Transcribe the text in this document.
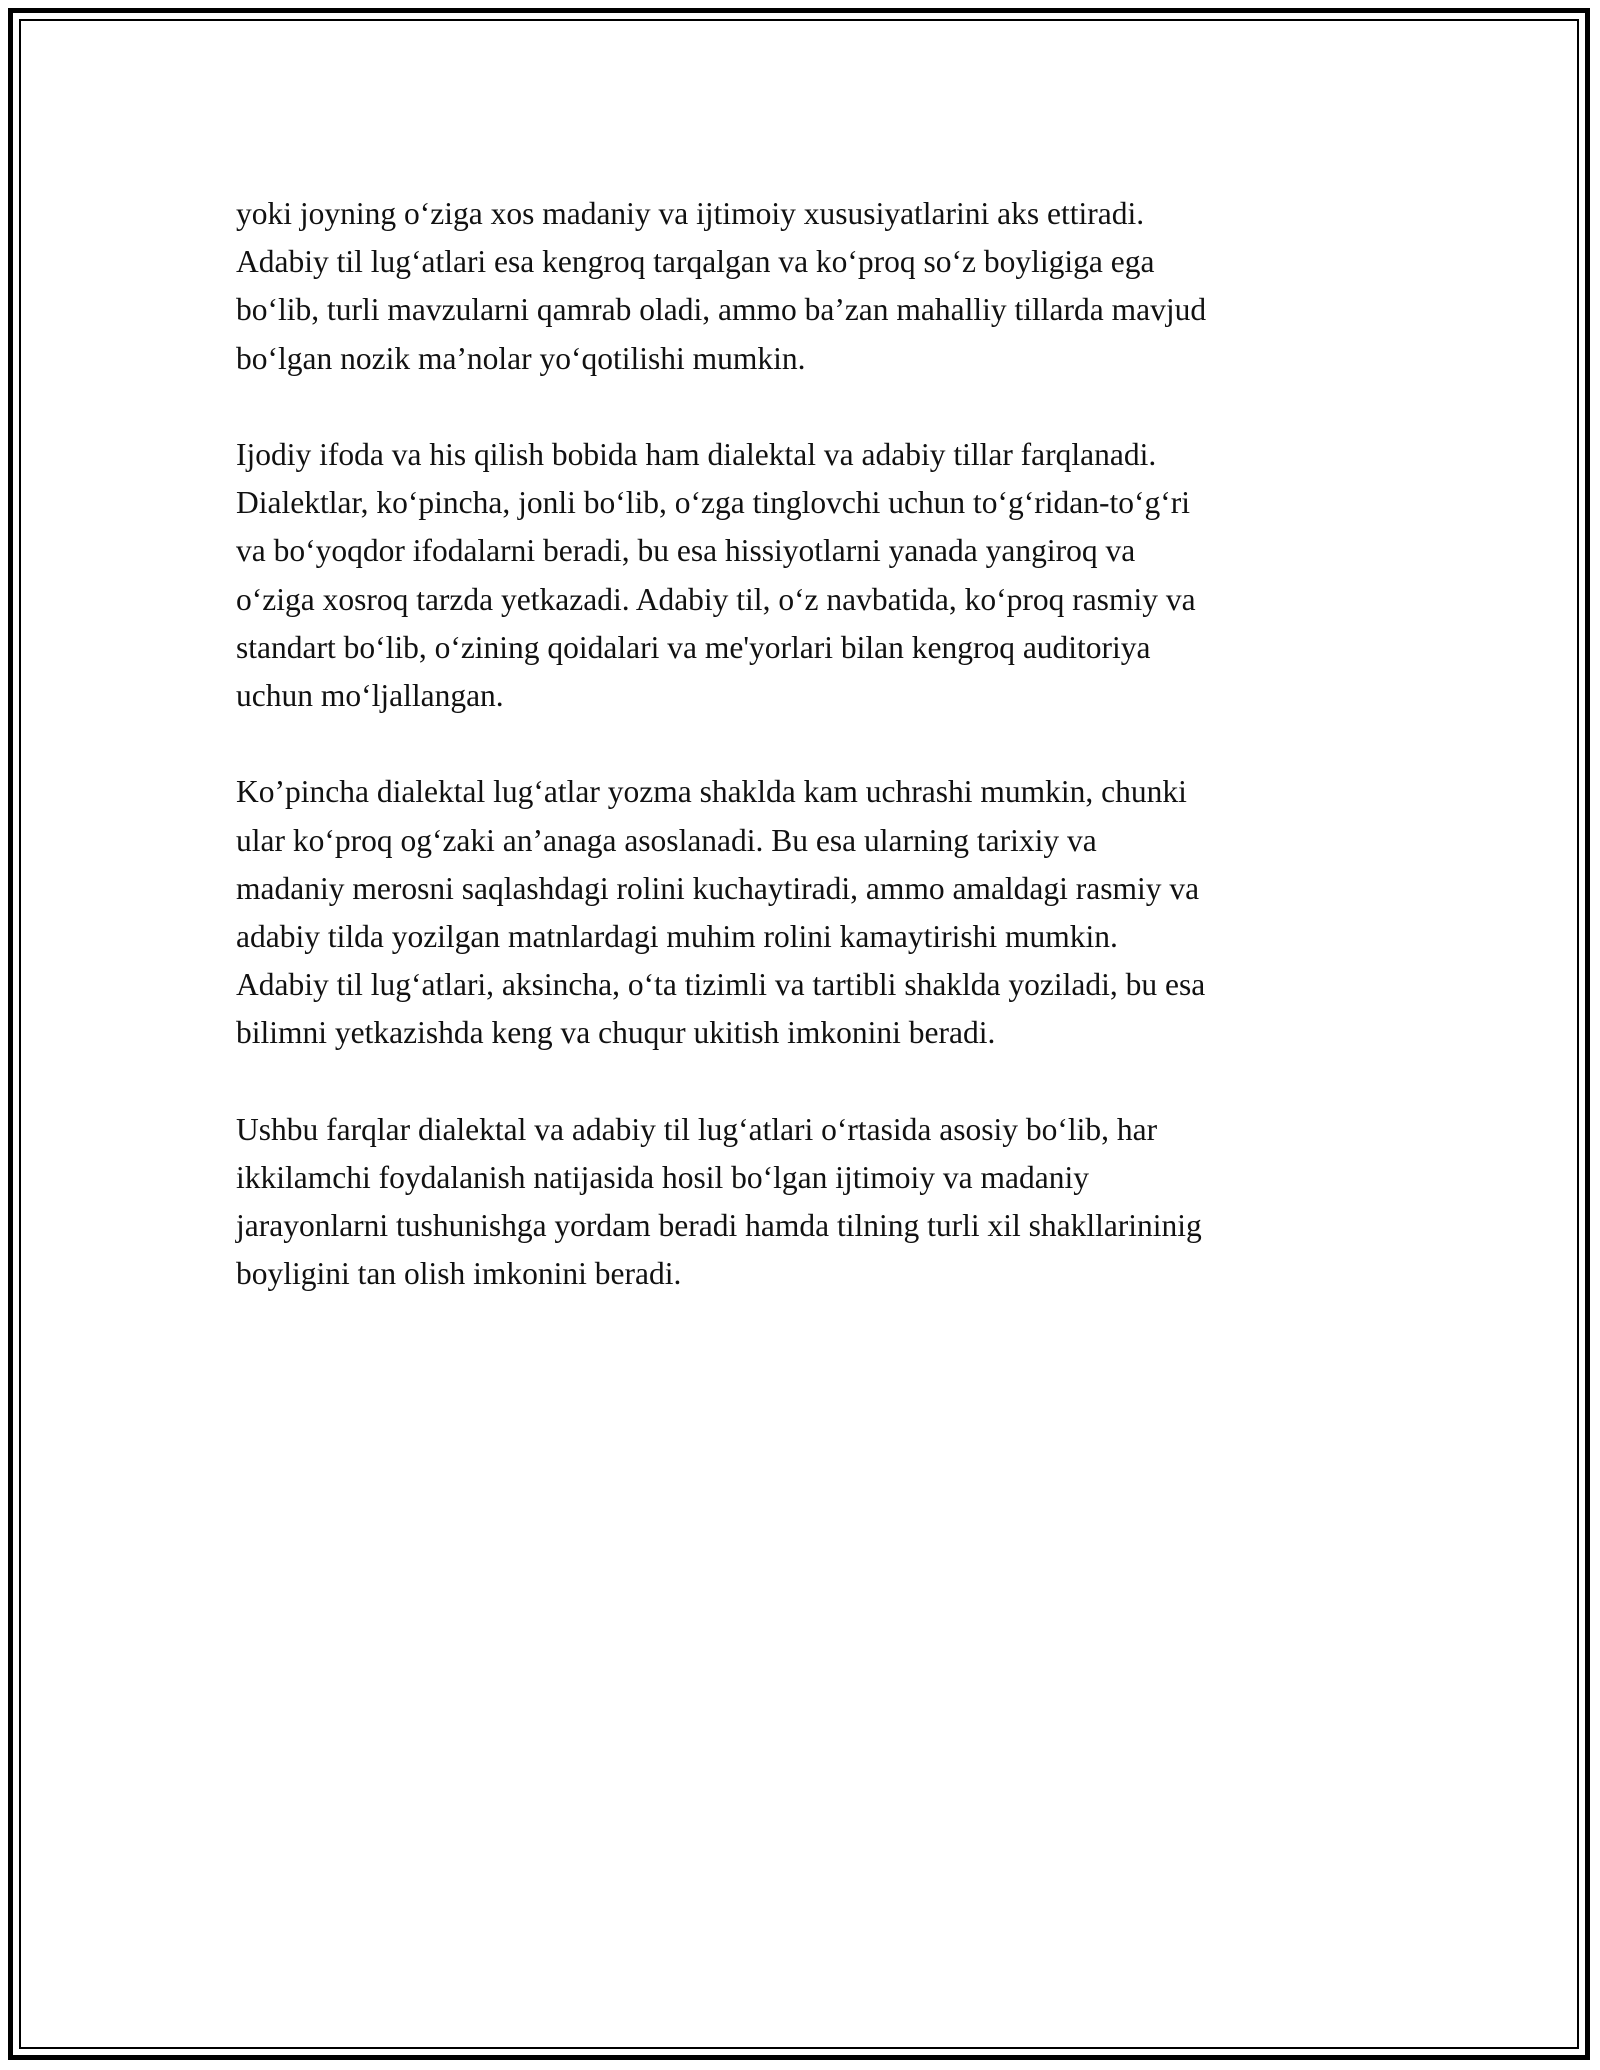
yoki joyning o‘ziga xos madaniy va ijtimoiy xususiyatlarini aks ettiradi.
Adabiy til lug‘atlari esa kengroq tarqalgan va ko‘proq so‘z boyligiga ega
bo‘lib, turli mavzularni qamrab oladi, ammo ba’zan mahalliy tillarda mavjud
bo‘lgan nozik ma’nolar yo‘qotilishi mumkin.

Ijodiy ifoda va his qilish bobida ham dialektal va adabiy tillar farqlanadi.
Dialektlar, ko‘pincha, jonli bo‘lib, o‘zga tinglovchi uchun to‘g‘ridan-to‘g‘ri
va bo‘yoqdor ifodalarni beradi, bu esa hissiyotlarni yanada yangiroq va
o‘ziga xosroq tarzda yetkazadi. Adabiy til, o‘z navbatida, ko‘proq rasmiy va
standart bo‘lib, o‘zining qoidalari va me'yorlari bilan kengroq auditoriya
uchun mo‘ljallangan.

Ko’pincha dialektal lug‘atlar yozma shaklda kam uchrashi mumkin, chunki
ular ko‘proq og‘zaki an’anaga asoslanadi. Bu esa ularning tarixiy va
madaniy merosni saqlashdagi rolini kuchaytiradi, ammo amaldagi rasmiy va
adabiy tilda yozilgan matnlardagi muhim rolini kamaytirishi mumkin.
Adabiy til lug‘atlari, aksincha, o‘ta tizimli va tartibli shaklda yoziladi, bu esa
bilimni yetkazishda keng va chuqur ukitish imkonini beradi.

Ushbu farqlar dialektal va adabiy til lug‘atlari o‘rtasida asosiy bo‘lib, har
ikkilamchi foydalanish natijasida hosil bo‘lgan ijtimoiy va madaniy
jarayonlarni tushunishga yordam beradi hamda tilning turli xil shakllarininig
boyligini tan olish imkonini beradi.
